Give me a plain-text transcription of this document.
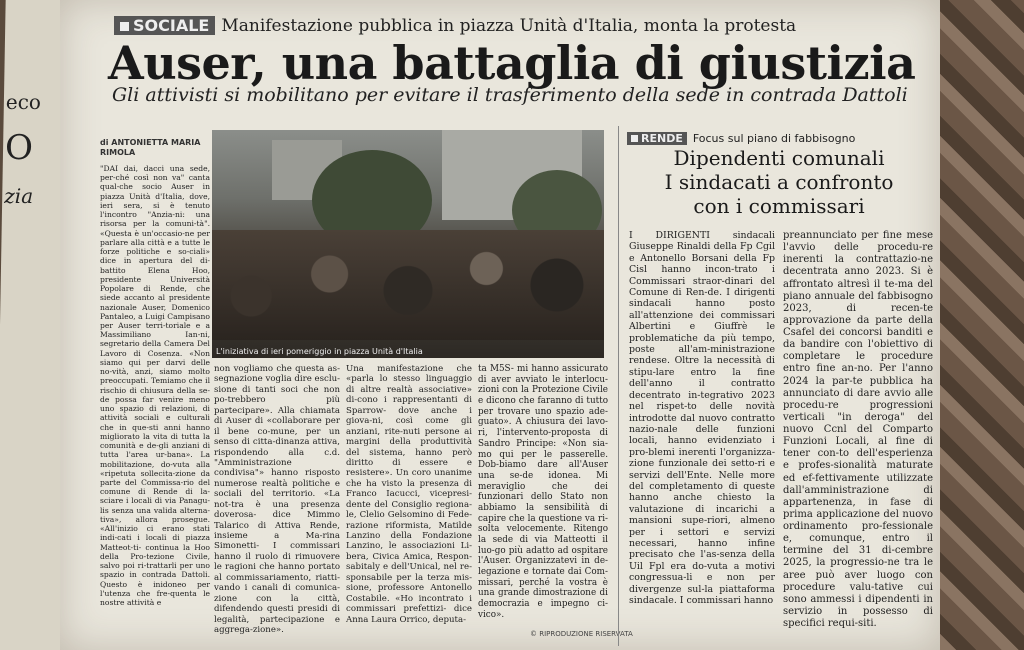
eco
O
zia
SOCIALE Manifestazione pubblica in piazza Unità d'Italia, monta la protesta
Auser, una battaglia di giustizia
Gli attivisti si mobilitano per evitare il trasferimento della sede in contrada Dattoli
di ANTONIETTA MARIA RIMOLA
L'iniziativa di ieri pomeriggio in piazza Unità d'Italia

"DAI dai, dacci una sede, per-ché così non va" canta qual-che socio Auser in piazza Unità d'Italia, dove, ieri sera, si è tenuto l'incontro "Anzia-ni: una risorsa per la comuni-tà". «Questa è un'occasio-ne per parlare alla città e a tutte le forze politiche e so-ciali» dice in apertura del di-battito Elena Hoo, presidente Università Popolare di Rende, che siede accanto al presidente nazionale Auser, Domenico Pantaleo, a Luigi Campisano per Auser terri-toriale e a Massimiliano Ian-ni, segretario della Camera Del Lavoro di Cosenza. «Non siamo qui per darvi delle no-vità, anzi, siamo molto preoccupati. Temiamo che il rischio di chiusura della se-de possa far venire meno uno spazio di relazioni, di attività sociali e culturali che in que-sti anni hanno migliorato la vita di tutta la comunità e de-gli anziani di tutta l'area ur-bana». La mobilitazione, do-vuta alla «ripetuta sollecita-zione da parte del Commissa-rio del comune di Rende di la-sciare i locali di via Panagu-lis senza una valida alterna-tiva», allora prosegue. «All'inizio ci erano stati indi-cati i locali di piazza Matteot-ti- continua la Hoo della Pro-tezione Civile, salvo poi ri-trattarli per uno spazio in contrada Dattoli. Questo è inidoneo per l'utenza che fre-quenta le nostre attività e

non vogliamo che questa as-segnazione voglia dire esclu-sione di tanti soci che non po-trebbero più partecipare». Alla chiamata di Auser di «collaborare per il bene co-mune, per un senso di citta-dinanza attiva, rispondendo alla c.d. "Amministrazione condivisa"» hanno risposto numerose realtà politiche e sociali del territorio. «La not-tra è una presenza doverosa- dice Mimmo Talarico di Attiva Rende, insieme a Ma-rina Simonetti- I commissari hanno il ruolo di rimuovere le ragioni che hanno portato al commissariamento, riatti-vando i canali di comunica-zione con la città, difendendo questi presidi di legalità, partecipazione e aggrega-zione».

Una manifestazione che «parla lo stesso linguaggio di altre realtà associative» di-cono i rappresentanti di Sparrow- dove anche i giova-ni, così come gli anziani, rite-nuti persone ai margini della produttività del sistema, hanno però diritto di essere e resistere». Un coro unanime che ha visto la presenza di Franco Iacucci, vicepresi-dente del Consiglio regiona-le, Clelio Gelsomino di Fede-razione riformista, Matilde Lanzino della Fondazione Lanzino, le associazioni Li-bera, Civica Amica, Respon-sabitaly e dell'Unical, nel re-sponsabile per la terza mis-sione, professore Antonello Costabile. «Ho incontrato i commissari prefettizi- dice Anna Laura Orrico, deputa-

ta M5S- mi hanno assicurato di aver avviato le interlocu-zioni con la Protezione Civile e dicono che faranno di tutto per trovare uno spazio ade-guato». A chiusura dei lavo-ri, l'intervento-proposta di Sandro Principe: «Non sia-mo qui per le passerelle. Dob-biamo dare all'Auser una se-de idonea. Mi meraviglio che dei funzionari dello Stato non abbiamo la sensibilità di capire che la questione va ri-solta velocemente. Ritengo la sede di via Matteotti il luo-go più adatto ad ospitare l'Auser. Organizzatevi in de-legazione e tornate dai Com-missari, perché la vostra è una grande dimostrazione di democrazia e impegno ci-vico».

© RIPRODUZIONE RISERVATA
RENDE Focus sul piano di fabbisogno
Dipendenti comunali
I sindacati a confronto
con i commissari

I DIRIGENTI sindacali Giuseppe Rinaldi della Fp Cgil e Antonello Borsani della Fp Cisl hanno incon-trato i Commissari straor-dinari del Comune di Ren-de. I dirigenti sindacali hanno posto all'attenzione dei commissari Albertini e Giuffrè le problematiche da più tempo, poste all'am-ministrazione rendese. Oltre la necessità di stipu-lare entro la fine dell'anno il contratto decentrato in-tegrativo 2023 nel rispet-to delle novità introdotte dal nuovo contratto nazio-nale delle funzioni locali, hanno evidenziato i pro-blemi inerenti l'organizza-zione funzionale dei setto-ri e servizi dell'Ente. Nelle more del completamento di queste hanno anche chiesto la valutazione di incarichi a mansioni supe-riori, almeno per i settori e servizi necessari, hanno infine precisato che l'as-senza della Uil Fpl era do-vuta a motivi congressua-li e non per divergenze sul-la piattaforma sindacale. I commissari hanno

preannunciato per fine mese l'avvio delle procedu-re inerenti la contrattazio-ne decentrata anno 2023. Si è affrontato altresì il te-ma del piano annuale del fabbisogno 2023, di recen-te approvazione da parte della Csafel dei concorsi banditi e da bandire con l'obiettivo di completare le procedure entro fine an-no. Per l'anno 2024 la par-te pubblica ha annunciato di dare avvio alle procedu-re progressioni verticali "in deroga" del nuovo Ccnl del Comparto Funzioni Locali, al fine di tener con-to dell'esperienza e profes-sionalità maturate ed ef-fettivamente utilizzate dall'amministrazione di appartenenza, in fase di prima applicazione del nuovo ordinamento pro-fessionale e, comunque, entro il termine del 31 di-cembre 2025, la progressio-ne tra le aree può aver luogo con procedure valu-tative cui sono ammessi i dipendenti in servizio in possesso di specifici requi-siti.
